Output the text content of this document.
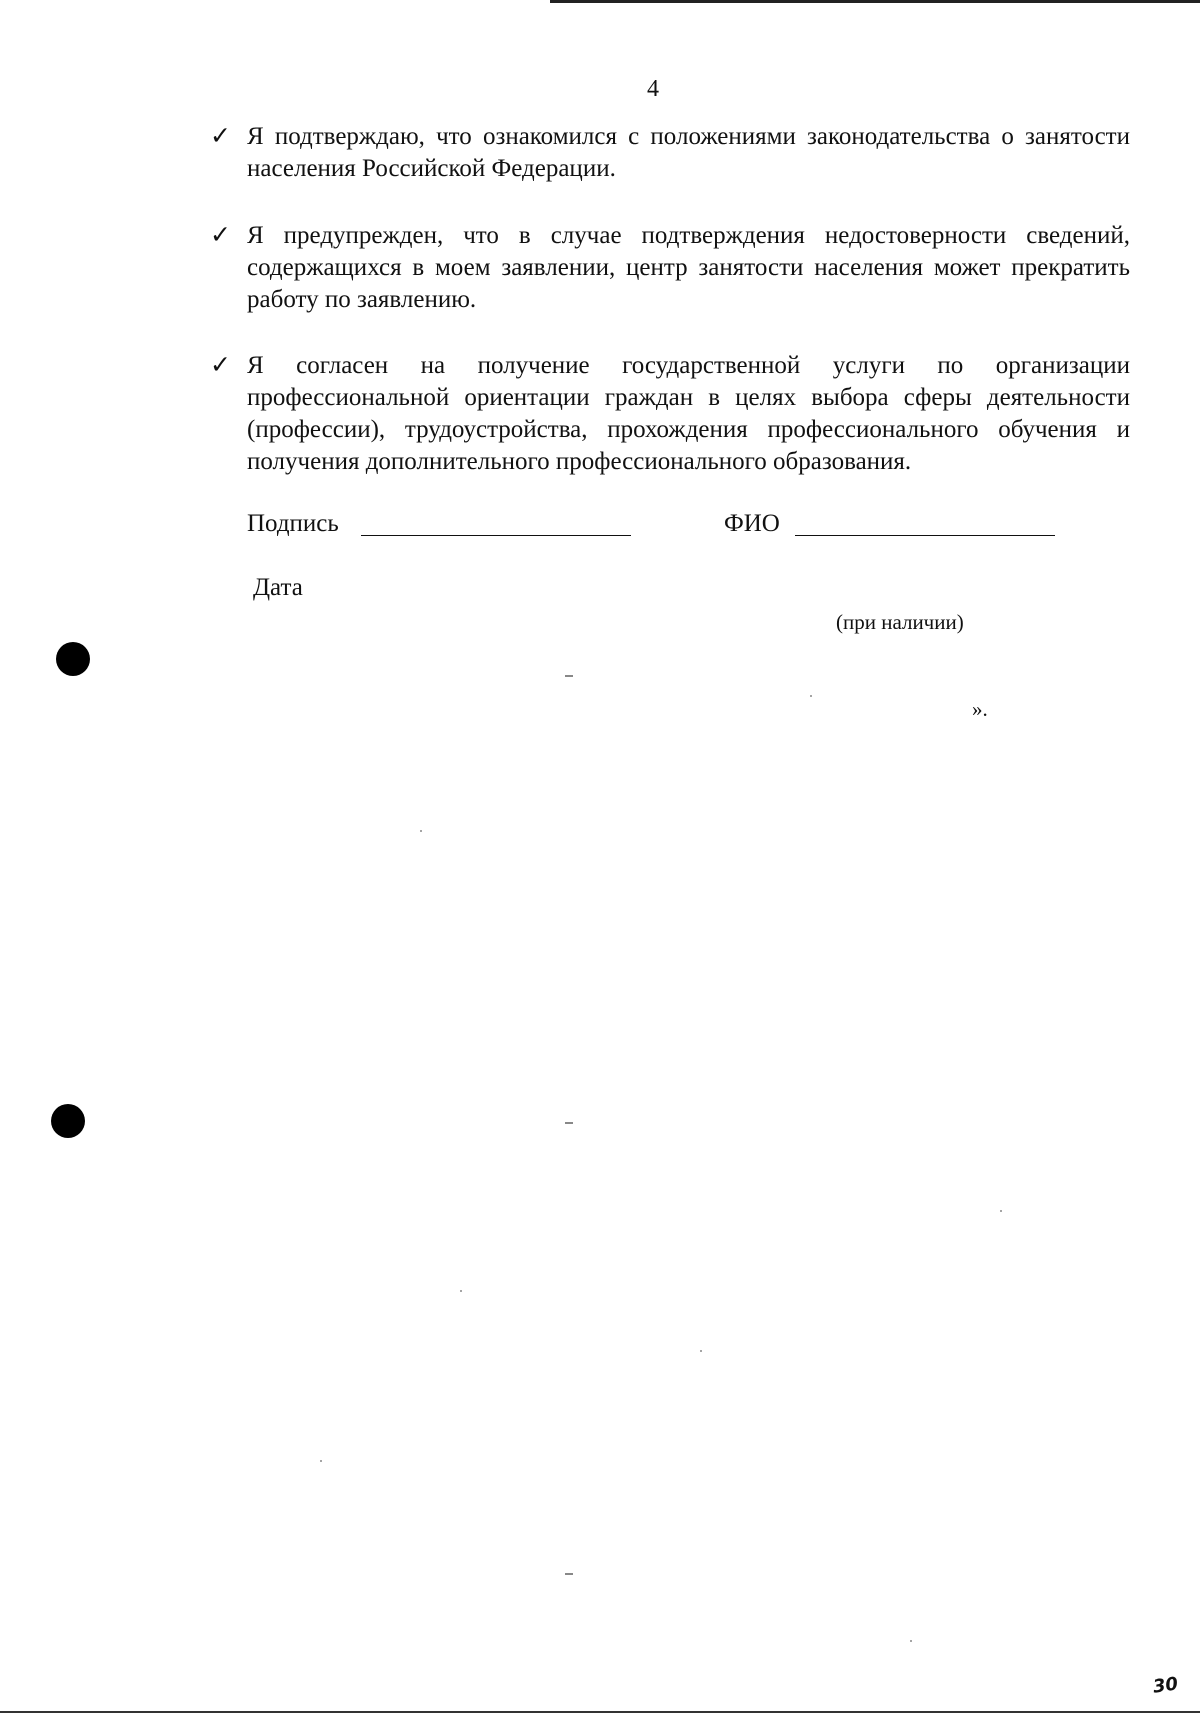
4
✓ Я подтверждаю, что ознакомился с положениями законодательства о занятости населения Российской Федерации.
✓ Я предупрежден, что в случае подтверждения недостоверности сведений, содержащихся в моем заявлении, центр занятости населения может прекратить работу по заявлению.
✓ Я согласен на получение государственной услуги по организации профессиональной ориентации граждан в целях выбора сферы деятельности (профессии), трудоустройства, прохождения профессионального обучения и получения дополнительного профессионального образования.
Подпись	ФИО
Дата
(при наличии)
».
30
